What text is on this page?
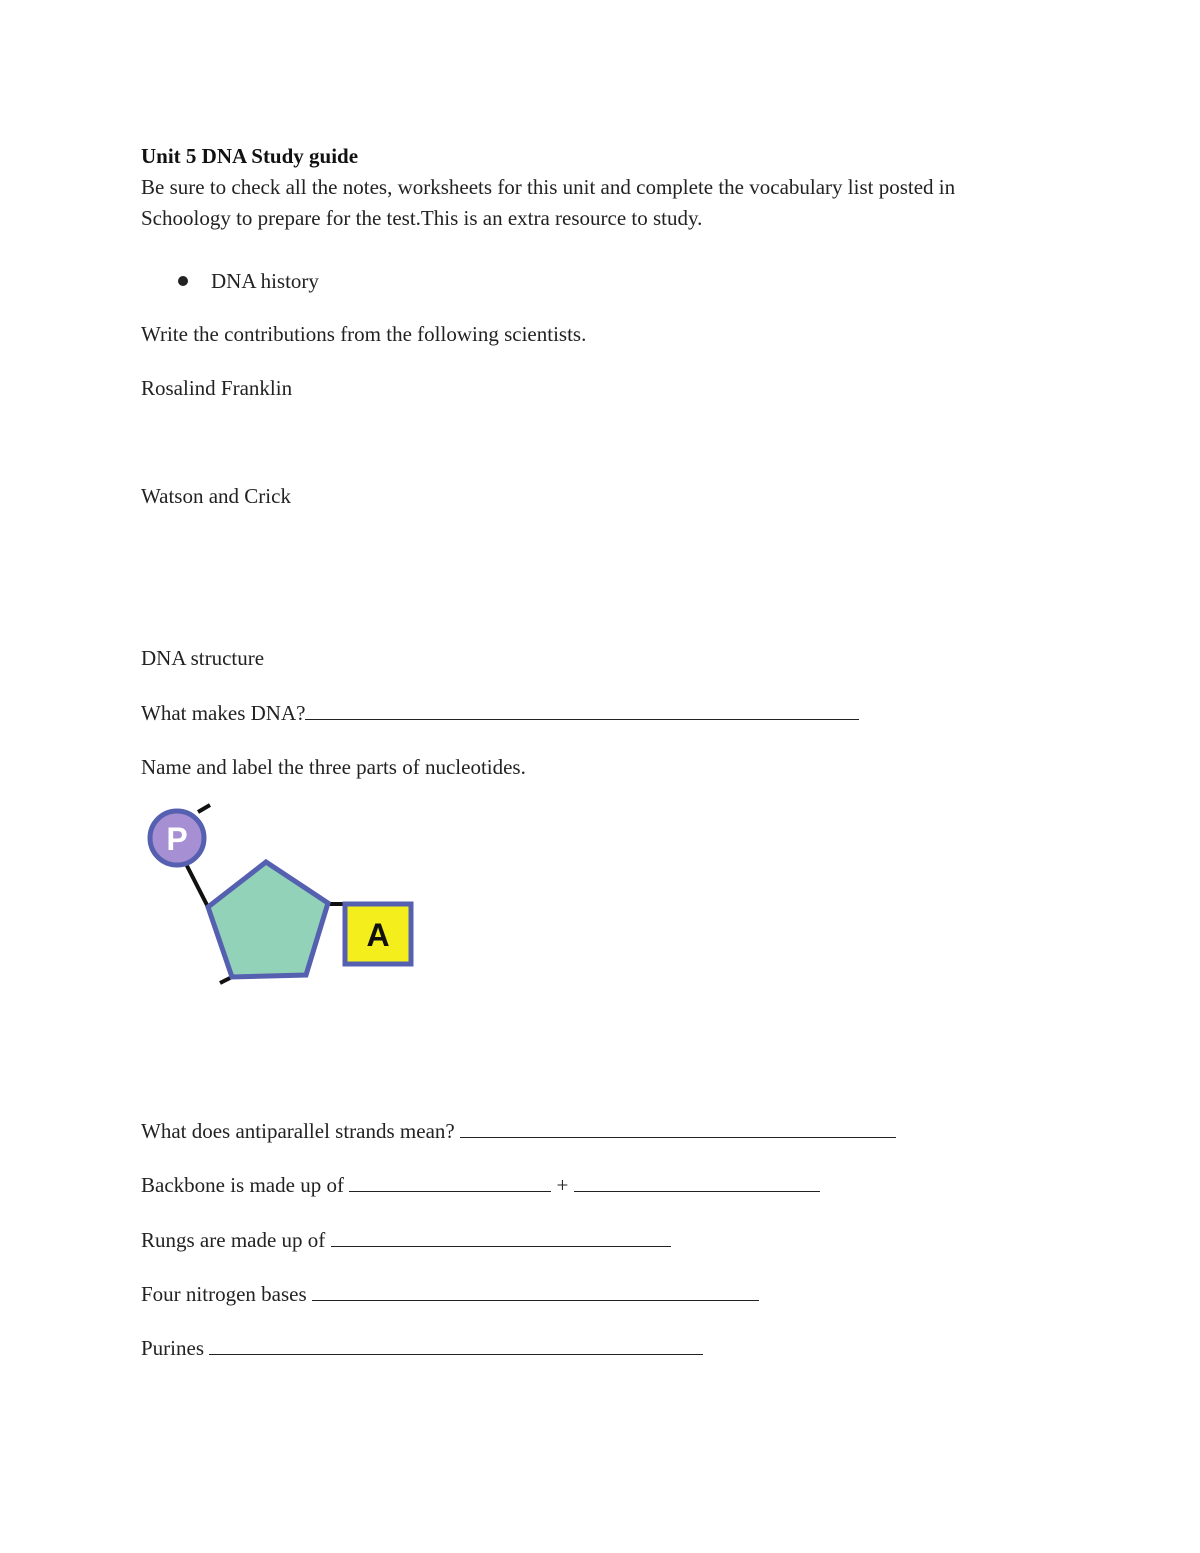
Unit 5 DNA Study guide
Be sure to check all the notes, worksheets for this unit and complete the vocabulary list posted in
Schoology to prepare for the test.This is an extra resource to study.
DNA history
Write the contributions from the following scientists.
Rosalind Franklin
Watson and Crick
DNA structure
What makes DNA?
Name and label the three parts of nucleotides.
P
A
What does antiparallel strands mean?
Backbone is made up of	+
Rungs are made up of
Four nitrogen bases
Purines
